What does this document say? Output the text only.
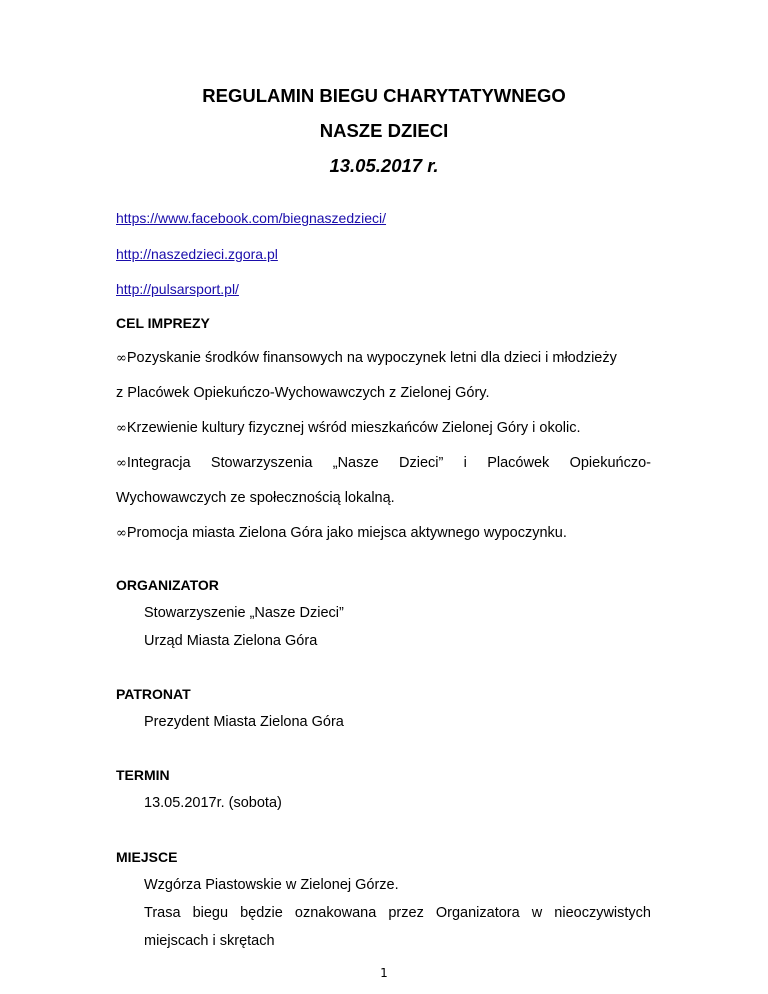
REGULAMIN BIEGU CHARYTATYWNEGO
NASZE DZIECI
13.05.2017 r.
https://www.facebook.com/biegnaszedzieci/
http://naszedzieci.zgora.pl
http://pulsarsport.pl/
CEL IMPREZY
∞Pozyskanie środków finansowych na wypoczynek letni dla dzieci i młodzieży
z Placówek Opiekuńczo-Wychowawczych z Zielonej Góry.
∞Krzewienie kultury fizycznej wśród mieszkańców Zielonej Góry i okolic.
∞Integracja Stowarzyszenia „Nasze Dzieci” i Placówek Opiekuńczo-
Wychowawczych ze społecznością lokalną.
∞Promocja miasta Zielona Góra jako miejsca aktywnego wypoczynku.
ORGANIZATOR
Stowarzyszenie „Nasze Dzieci”
Urząd Miasta Zielona Góra
PATRONAT
Prezydent Miasta Zielona Góra
TERMIN
13.05.2017r. (sobota)
MIEJSCE
Wzgórza Piastowskie w Zielonej Górze.
Trasa biegu będzie oznakowana przez Organizatora w nieoczywistych
miejscach i skrętach
1
